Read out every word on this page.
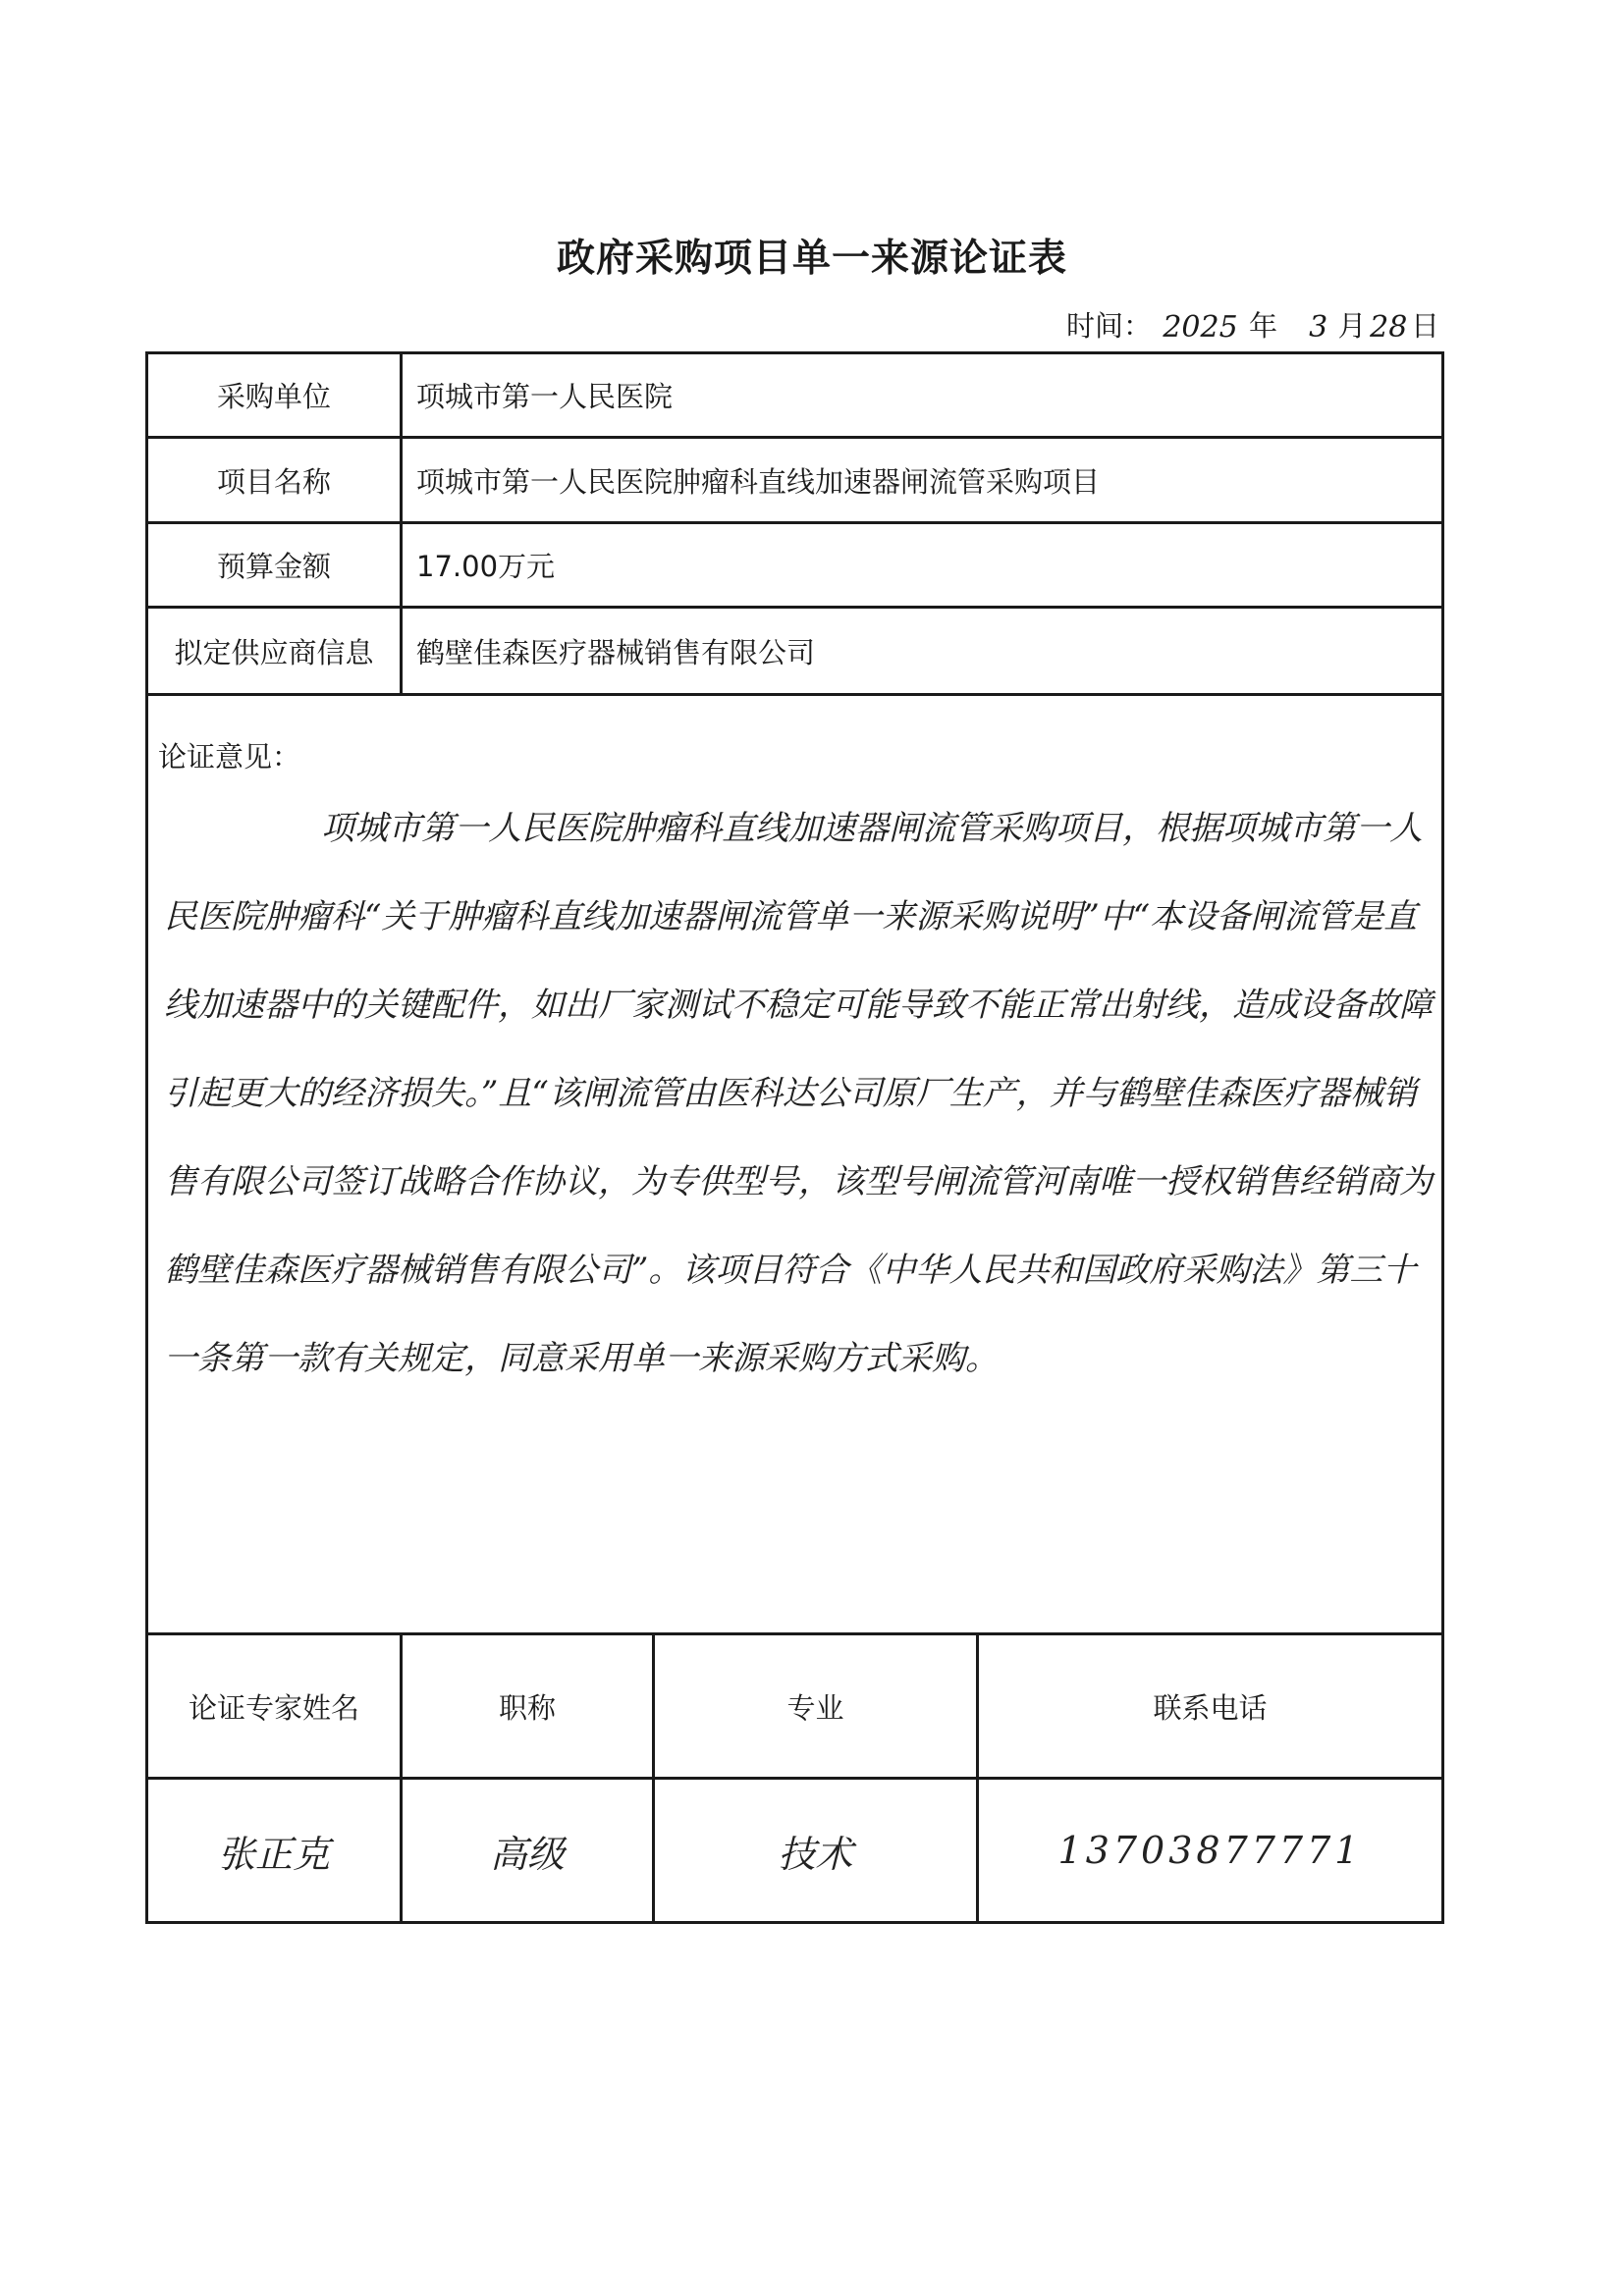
政府采购项目单一来源论证表
时间： 2025 年	3 月 28 日
采购单位	项城市第一人民医院		
项目名称	项城市第一人民医院肿瘤科直线加速器闸流管采购项目		
预算金额	17.00万元		
拟定供应商信息	鹤壁佳森医疗器械销售有限公司		

论证意见：
项城市第一人民医院肿瘤科直线加速器闸流管采购项目，根据项城市第一人民医院肿瘤科“关于肿瘤科直线加速器闸流管单一来源采购说明”中“本设备闸流管是直线加速器中的关键配件，如出厂家测试不稳定可能导致不能正常出射线，造成设备故障引起更大的经济损失。”且“该闸流管由医科达公司原厂生产，并与鹤壁佳森医疗器械销售有限公司签订战略合作协议，为专供型号，该型号闸流管河南唯一授权销售经销商为鹤壁佳森医疗器械销售有限公司”。该项目符合《中华人民共和国政府采购法》第三十一条第一款有关规定，同意采用单一来源采购方式采购。			

论证专家姓名	职称	专业	联系电话
张正克	高级	技术	13703877771
